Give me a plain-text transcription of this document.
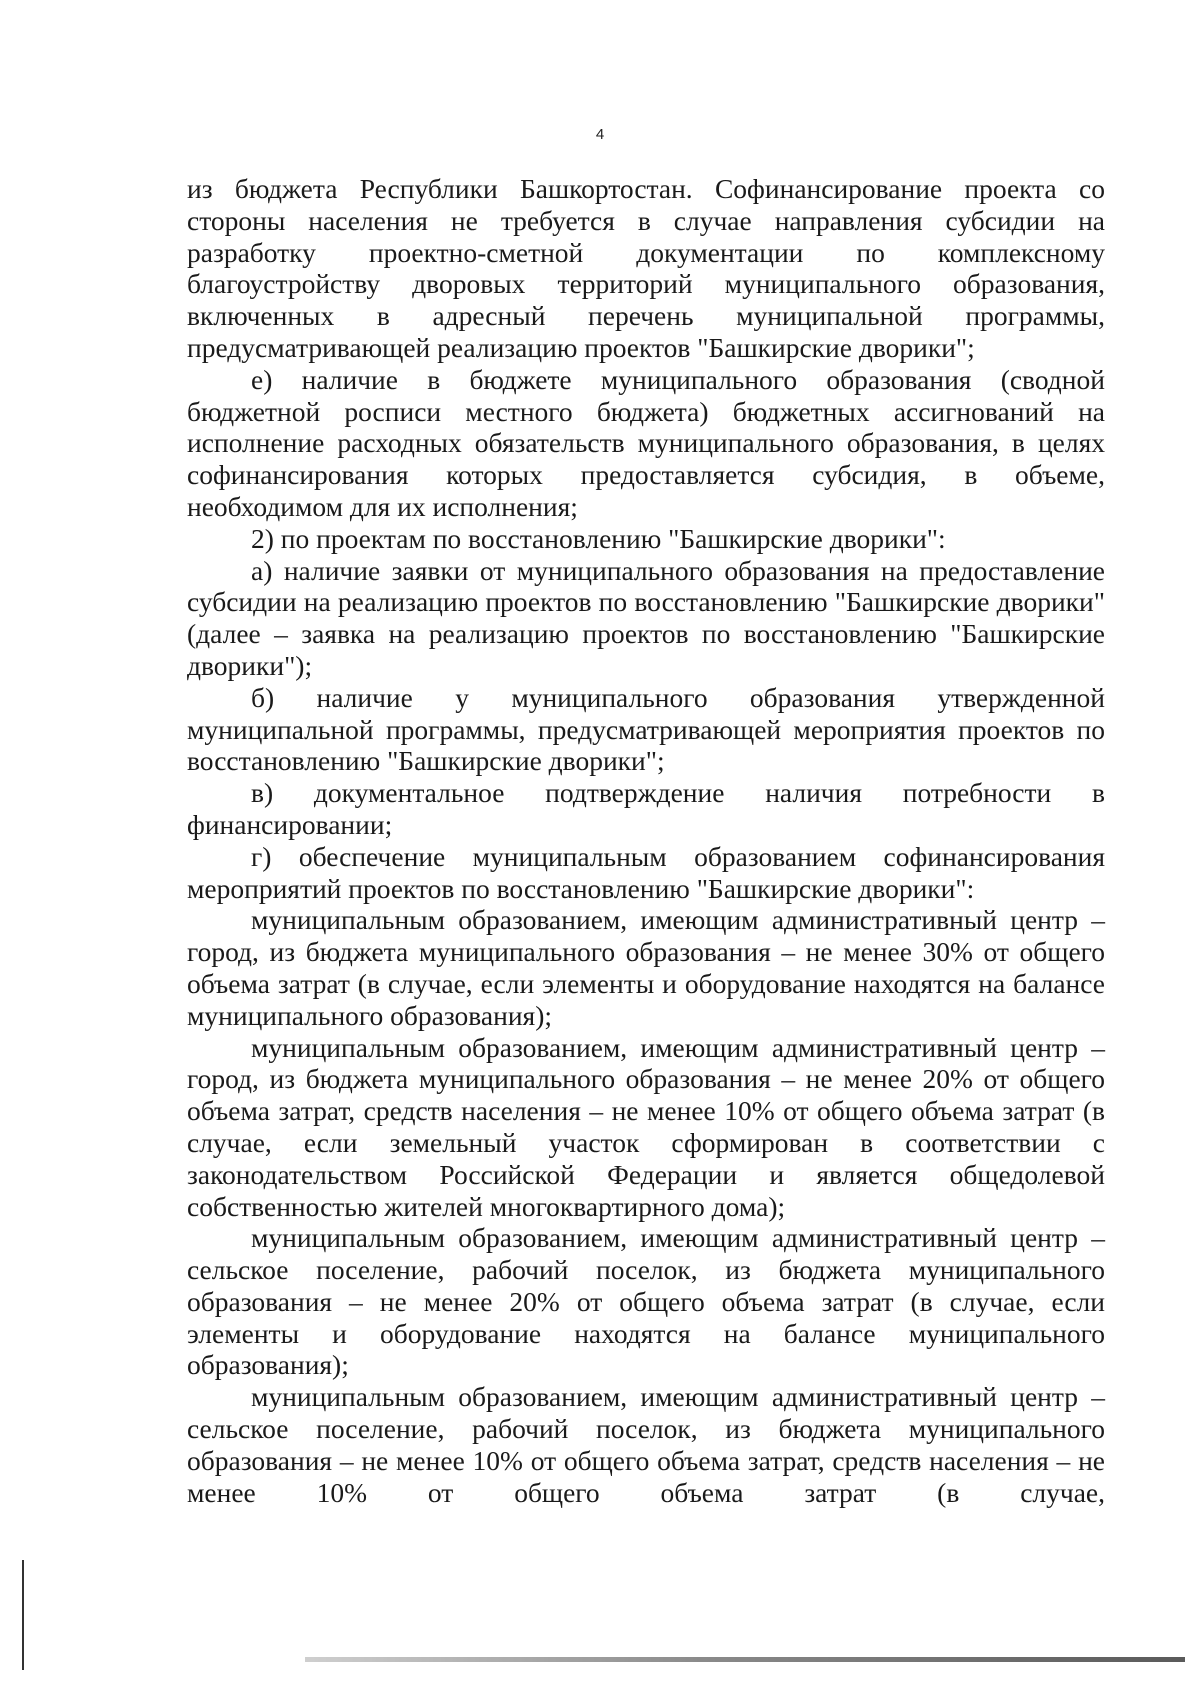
4

из бюджета Республики Башкортостан. Софинансирование проекта со стороны населения не требуется в случае направления субсидии на разработку проектно-сметной документации по комплексному благоустройству дворовых территорий муниципального образования, включенных в адресный перечень муниципальной программы, предусматривающей реализацию проектов "Башкирские дворики";

е) наличие в бюджете муниципального образования (сводной бюджетной росписи местного бюджета) бюджетных ассигнований на исполнение расходных обязательств муниципального образования, в целях софинансирования которых предоставляется субсидия, в объеме, необходимом для их исполнения;

2) по проектам по восстановлению "Башкирские дворики":

а) наличие заявки от муниципального образования на предоставление субсидии на реализацию проектов по восстановлению "Башкирские дворики" (далее – заявка на реализацию проектов по восстановлению "Башкирские дворики");

б) наличие у муниципального образования утвержденной муниципальной программы, предусматривающей мероприятия проектов по восстановлению "Башкирские дворики";

в) документальное подтверждение наличия потребности в финансировании;

г) обеспечение муниципальным образованием софинансирования мероприятий проектов по восстановлению "Башкирские дворики":

муниципальным образованием, имеющим административный центр – город, из бюджета муниципального образования – не менее 30% от общего объема затрат (в случае, если элементы и оборудование находятся на балансе муниципального образования);

муниципальным образованием, имеющим административный центр – город, из бюджета муниципального образования – не менее 20% от общего объема затрат, средств населения – не менее 10% от общего объема затрат (в случае, если земельный участок сформирован в соответствии с законодательством Российской Федерации и является общедолевой собственностью жителей многоквартирного дома);

муниципальным образованием, имеющим административный центр – сельское поселение, рабочий поселок, из бюджета муниципального образования – не менее 20% от общего объема затрат (в случае, если элементы и оборудование находятся на балансе муниципального образования);

муниципальным образованием, имеющим административный центр – сельское поселение, рабочий поселок, из бюджета муниципального образования – не менее 10% от общего объема затрат, средств населения – не менее 10% от общего объема затрат (в случае,
